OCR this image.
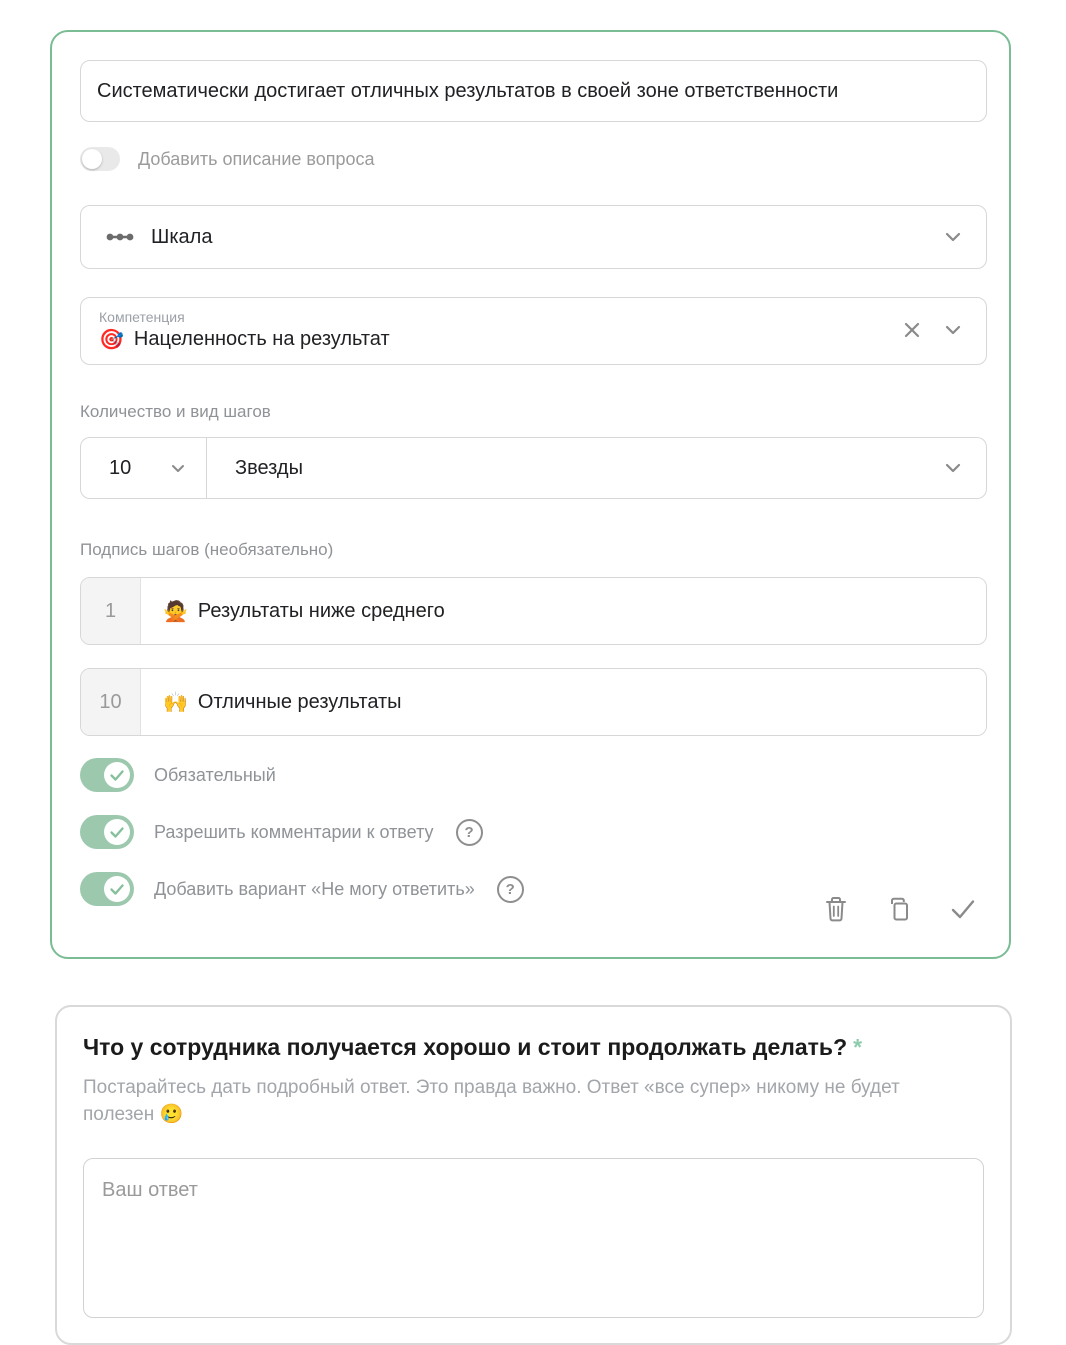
Систематически достигает отличных результатов в своей зоне ответственности
Добавить описание вопроса
Шкала
Компетенция
🎯 Нацеленность на результат
Количество и вид шагов
10	Звезды
Подпись шагов (необязательно)
1	🙅 Результаты ниже среднего
10	🙌 Отличные результаты
Обязательный
Разрешить комментарии к ответу	?
Добавить вариант «Не могу ответить»	?
Что у сотрудника получается хорошо и стоит продолжать делать? *
Постарайтесь дать подробный ответ. Это правда важно. Ответ «все супер» никому не будет полезен 🥲
Ваш ответ
